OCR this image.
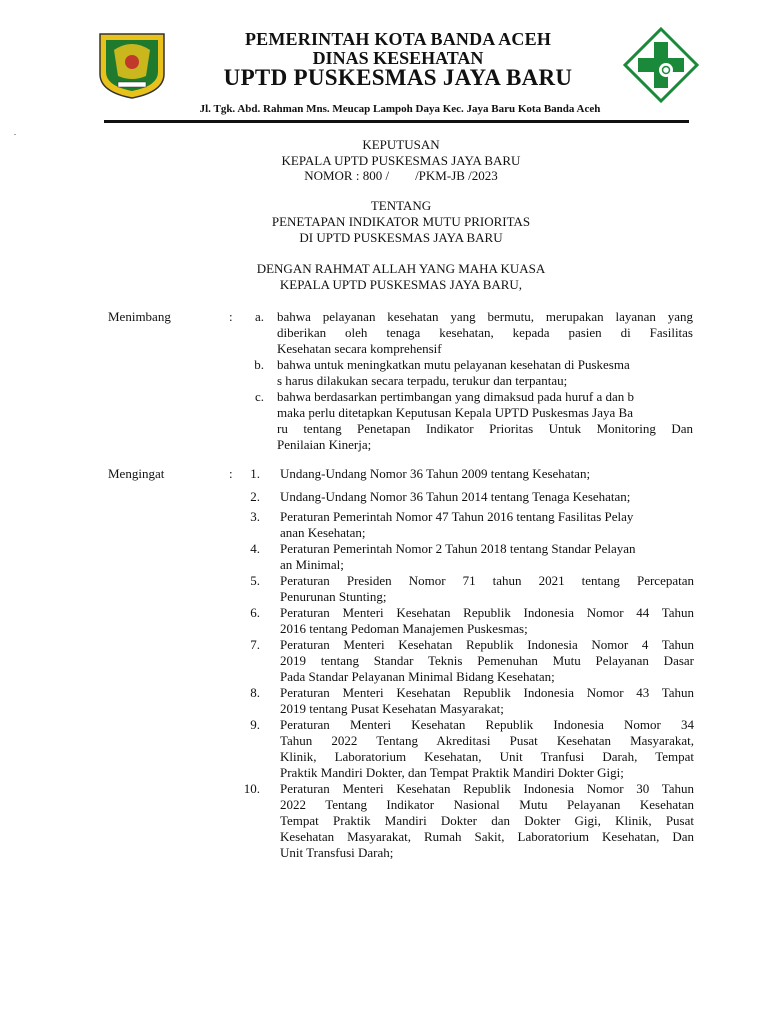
PEMERINTAH KOTA BANDA ACEH
DINAS KESEHATAN
UPTD PUSKESMAS JAYA BARU
Jl. Tgk. Abd. Rahman Mns. Meucap Lampoh Daya Kec. Jaya Baru Kota Banda Aceh
.
KEPUTUSAN
KEPALA UPTD PUSKESMAS JAYA BARU
NOMOR : 800 /        /PKM-JB /2023
TENTANG
PENETAPAN INDIKATOR MUTU PRIORITAS
DI UPTD PUSKESMAS JAYA BARU
DENGAN RAHMAT ALLAH YANG MAHA KUASA
KEPALA UPTD PUSKESMAS JAYA BARU,
Menimbang	:	a. bahwa pelayanan kesehatan yang bermutu, merupakan layanan yang
diberikan oleh tenaga kesehatan, kepada pasien di Fasilitas
Kesehatan secara komprehensif
b. bahwa untuk meningkatkan mutu pelayanan kesehatan di Puskesma
s harus dilakukan secara terpadu, terukur dan terpantau;
c. bahwa berdasarkan pertimbangan yang dimaksud pada huruf a dan b
maka perlu ditetapkan Keputusan Kepala UPTD Puskesmas Jaya Ba
ru tentang Penetapan Indikator Prioritas Untuk Monitoring Dan
Penilaian Kinerja;
Mengingat	:	1. Undang-Undang Nomor 36 Tahun 2009 tentang Kesehatan;
2. Undang-Undang Nomor 36 Tahun 2014 tentang Tenaga Kesehatan;
3. Peraturan Pemerintah Nomor 47 Tahun 2016 tentang Fasilitas Pelay
anan Kesehatan;
4. Peraturan Pemerintah Nomor 2 Tahun 2018 tentang Standar Pelayan
an Minimal;
5. Peraturan Presiden Nomor 71 tahun 2021 tentang Percepatan
Penurunan Stunting;
6. Peraturan Menteri Kesehatan Republik Indonesia Nomor 44 Tahun
2016 tentang Pedoman Manajemen Puskesmas;
7. Peraturan Menteri Kesehatan Republik Indonesia Nomor 4 Tahun
2019 tentang Standar Teknis Pemenuhan Mutu Pelayanan Dasar
Pada Standar Pelayanan Minimal Bidang Kesehatan;
8. Peraturan Menteri Kesehatan Republik Indonesia Nomor 43 Tahun
2019 tentang Pusat Kesehatan Masyarakat;
9. Peraturan Menteri Kesehatan Republik Indonesia Nomor 34
Tahun 2022 Tentang Akreditasi Pusat Kesehatan Masyarakat,
Klinik, Laboratorium Kesehatan, Unit Tranfusi Darah, Tempat
Praktik Mandiri Dokter, dan Tempat Praktik Mandiri Dokter Gigi;
10. Peraturan Menteri Kesehatan Republik Indonesia Nomor 30 Tahun
2022 Tentang Indikator Nasional Mutu Pelayanan Kesehatan
Tempat Praktik Mandiri Dokter dan Dokter Gigi, Klinik, Pusat
Kesehatan Masyarakat, Rumah Sakit, Laboratorium Kesehatan, Dan
Unit Transfusi Darah;
